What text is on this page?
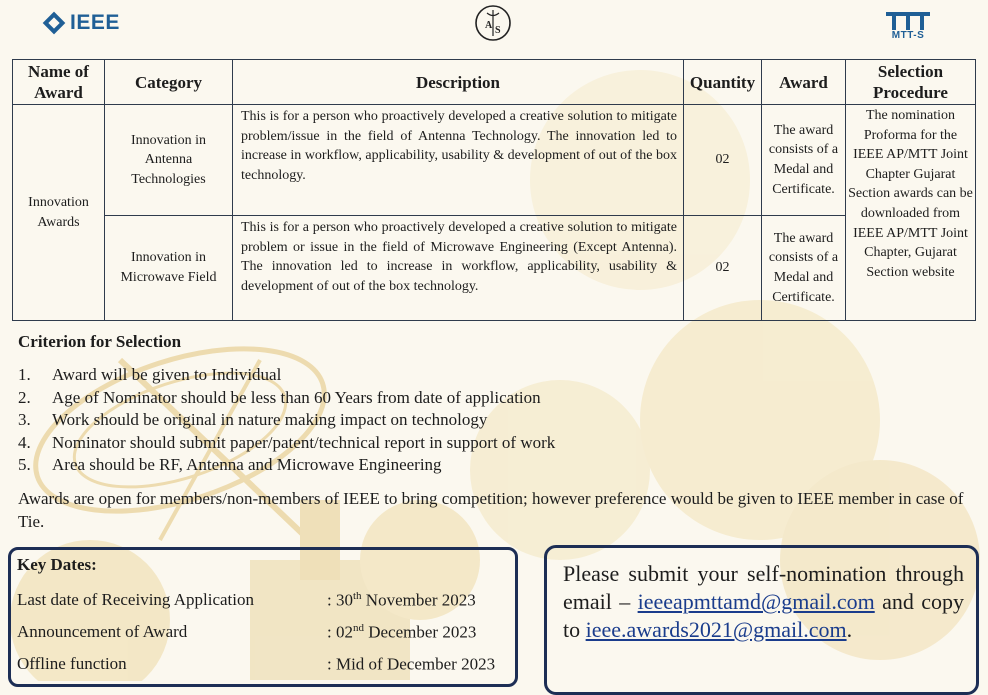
IEEE	A S	MTT-S
Name of Award	Category	Description	Quantity	Award	Selection Procedure
Innovation Awards	Innovation in Antenna Technologies	This is for a person who proactively developed a creative solution to mitigate problem/issue in the field of Antenna Technology. The innovation led to increase in workflow, applicability, usability & development of out of the box technology.	02	The award consists of a Medal and Certificate.	The nomination Proforma for the IEEE AP/MTT Joint Chapter Gujarat Section awards can be downloaded from IEEE AP/MTT Joint Chapter, Gujarat Section website
	Innovation in Microwave Field	This is for a person who proactively developed a creative solution to mitigate problem or issue in the field of Microwave Engineering (Except Antenna). The innovation led to increase in workflow, applicability, usability & development of out of the box technology.	02	The award consists of a Medal and Certificate.	
Criterion for Selection
1.	Award will be given to Individual
2.	Age of Nominator should be less than 60 Years from date of application
3.	Work should be original in nature making impact on technology
4.	Nominator should submit paper/patent/technical report in support of work
5.	Area should be RF, Antenna and Microwave Engineering
Awards are open for members/non-members of IEEE to bring competition; however preference would be given to IEEE member in case of Tie.
Key Dates:
Last date of Receiving Application	: 30th November 2023
Announcement of Award	: 02nd December 2023
Offline function	: Mid of December 2023
Please submit your self-nomination through email – ieeeapmttamd@gmail.com and copy to ieee.awards2021@gmail.com.
